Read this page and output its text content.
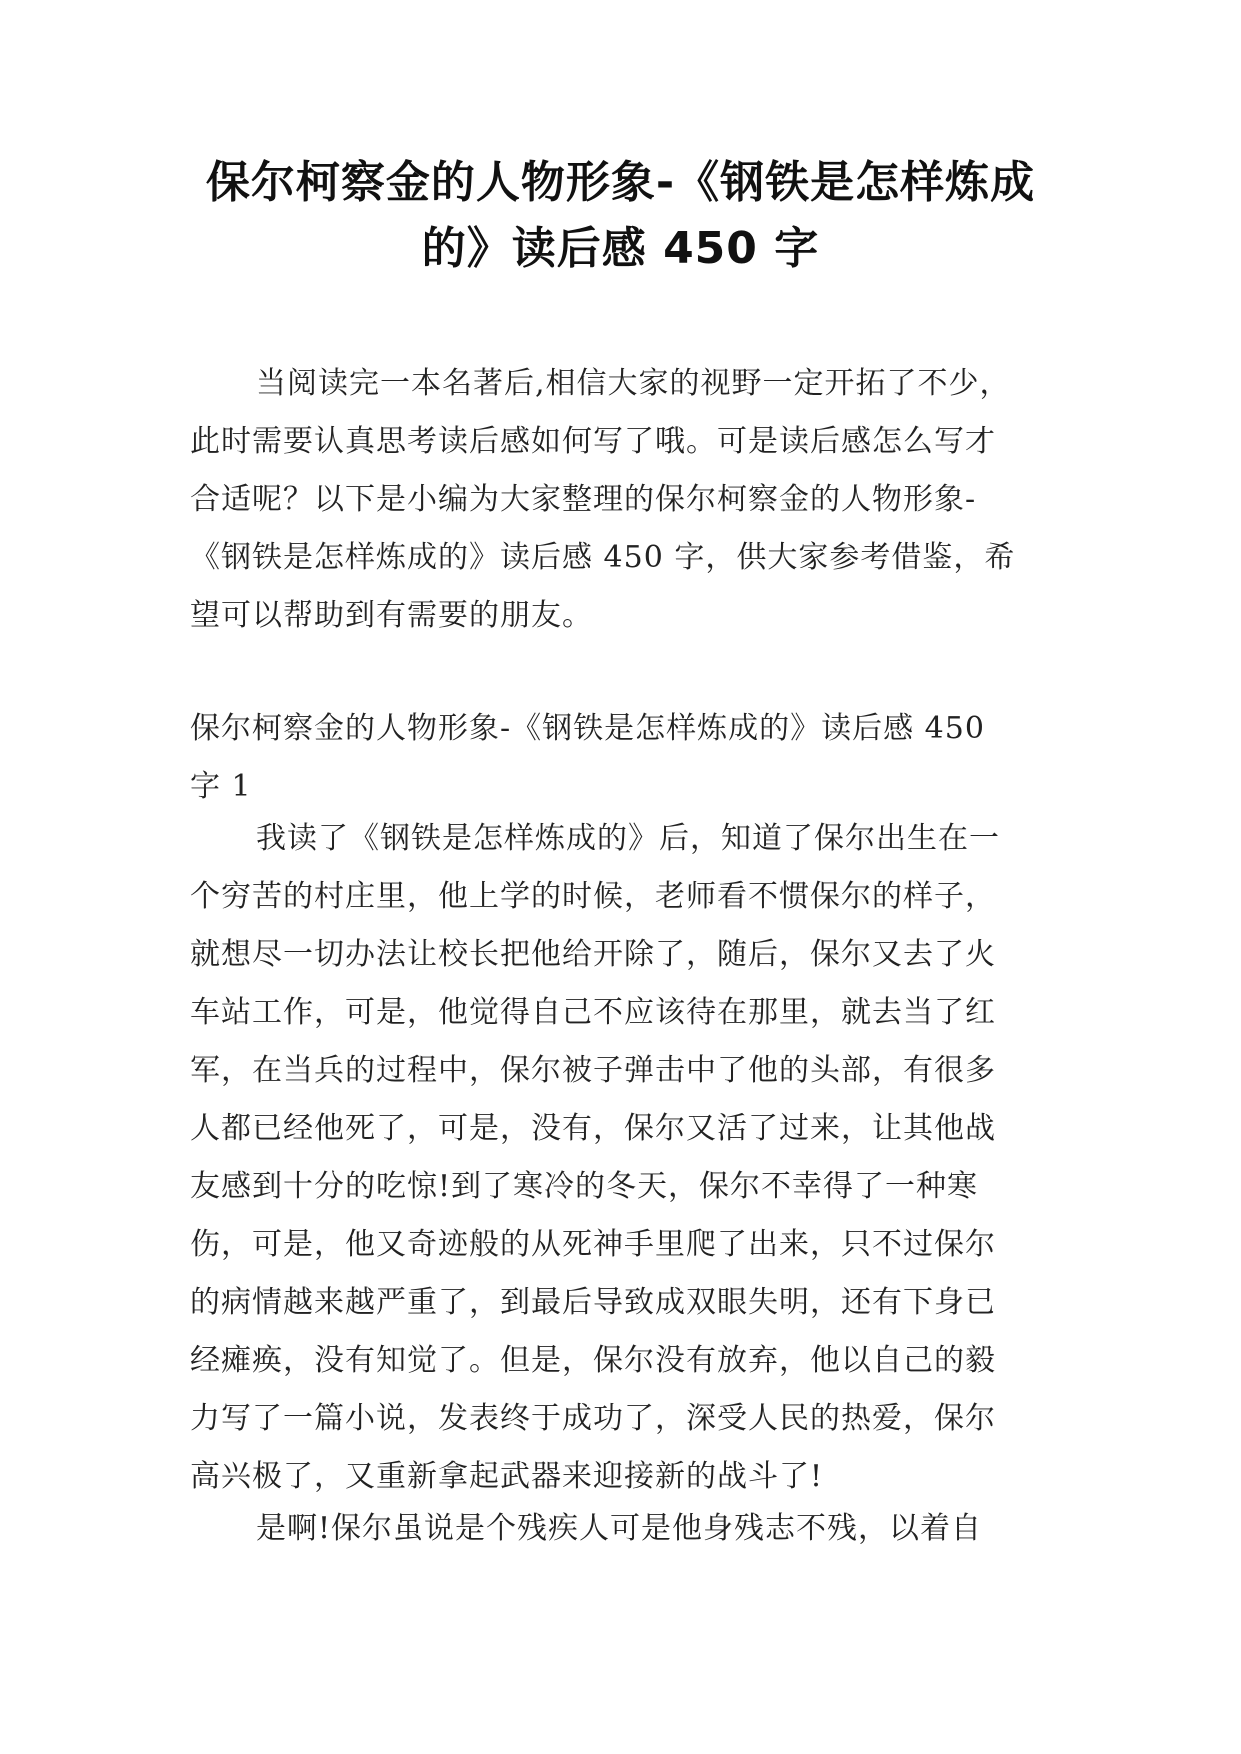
保尔柯察金的人物形象-《钢铁是怎样炼成
的》读后感 450 字
当阅读完一本名著后,相信大家的视野一定开拓了不少，
此时需要认真思考读后感如何写了哦。可是读后感怎么写才
合适呢？以下是小编为大家整理的保尔柯察金的人物形象-
《钢铁是怎样炼成的》读后感 450 字，供大家参考借鉴，希
望可以帮助到有需要的朋友。
保尔柯察金的人物形象-《钢铁是怎样炼成的》读后感 450
字 1
我读了《钢铁是怎样炼成的》后，知道了保尔出生在一
个穷苦的村庄里，他上学的时候，老师看不惯保尔的样子，
就想尽一切办法让校长把他给开除了，随后，保尔又去了火
车站工作，可是，他觉得自己不应该待在那里，就去当了红
军，在当兵的过程中，保尔被子弹击中了他的头部，有很多
人都已经他死了，可是，没有，保尔又活了过来，让其他战
友感到十分的吃惊!到了寒冷的冬天，保尔不幸得了一种寒
伤，可是，他又奇迹般的从死神手里爬了出来，只不过保尔
的病情越来越严重了，到最后导致成双眼失明，还有下身已
经瘫痪，没有知觉了。但是，保尔没有放弃，他以自己的毅
力写了一篇小说，发表终于成功了，深受人民的热爱，保尔
高兴极了，又重新拿起武器来迎接新的战斗了!
是啊!保尔虽说是个残疾人可是他身残志不残，以着自
